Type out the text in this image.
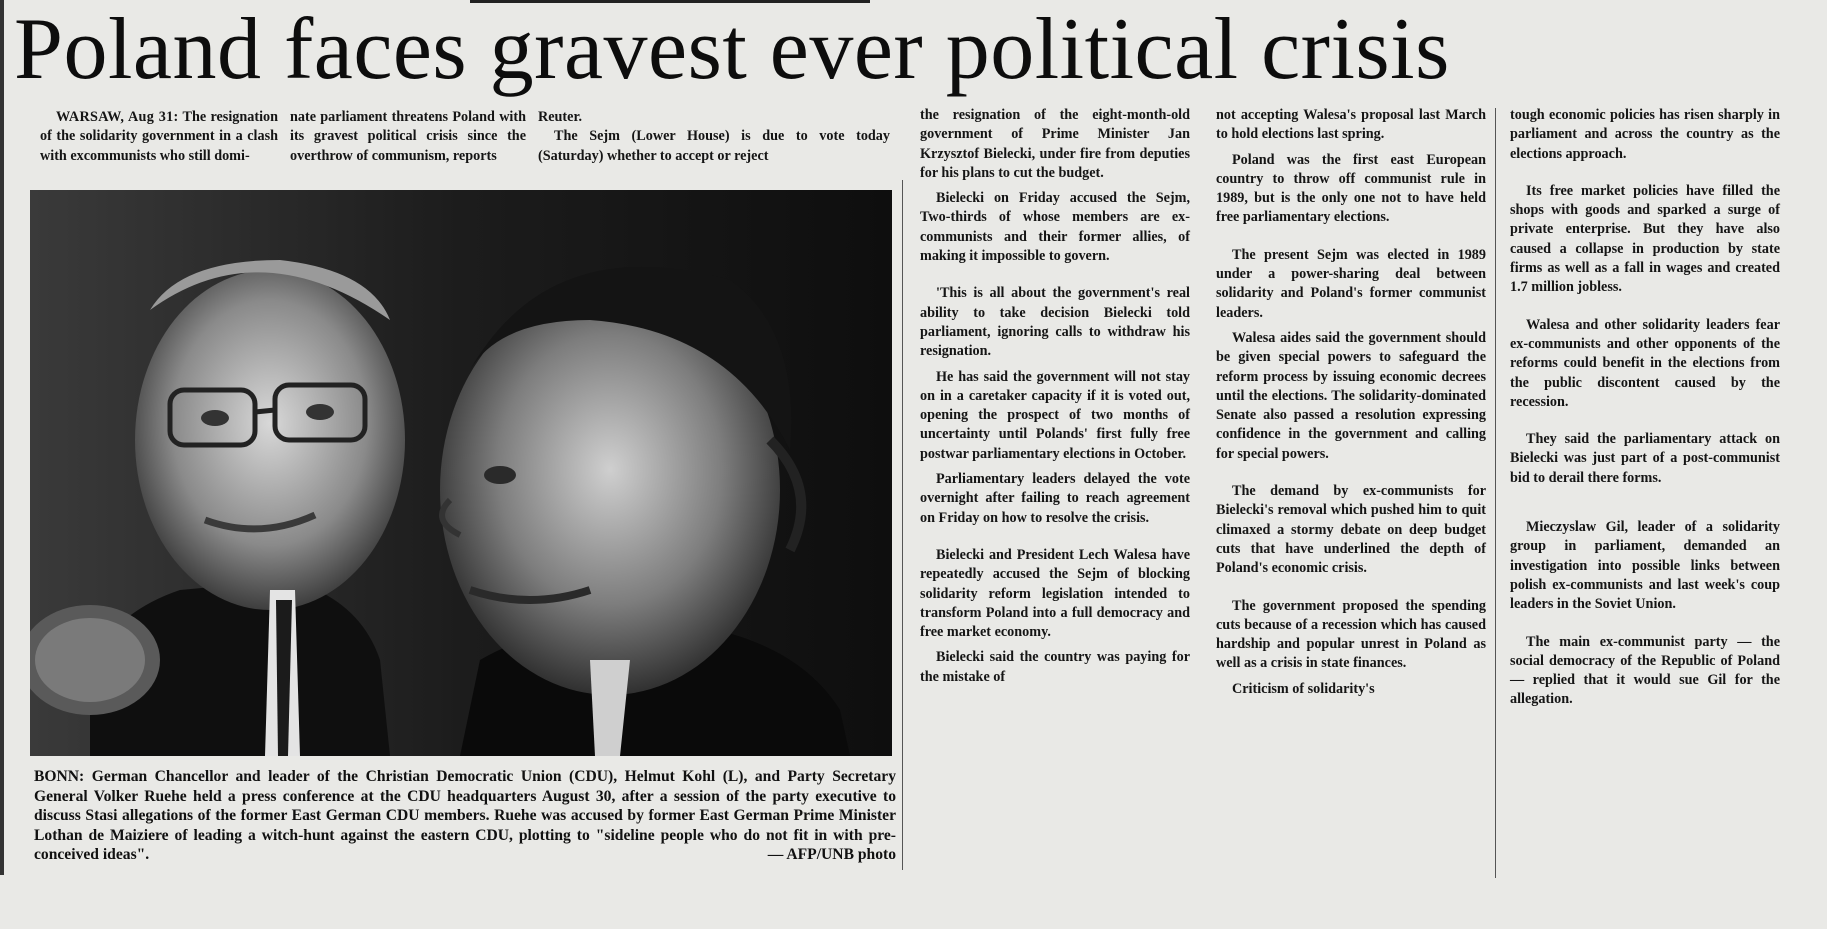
Poland faces gravest ever political crisis

WARSAW, Aug 31: The resignation of the solidarity government in a clash with excommunists who still domi-

nate parliament threatens Poland with its gravest political crisis since the overthrow of communism, reports

Reuter.

The Sejm (Lower House) is due to vote today (Saturday) whether to accept or reject

BONN: German Chancellor and leader of the Christian Democratic Union (CDU), Helmut Kohl (L), and Party Secretary General Volker Ruehe held a press conference at the CDU headquarters August 30, after a session of the party executive to discuss Stasi allegations of the former East German CDU members. Ruehe was accused by former East German Prime Minister Lothan de Maiziere of leading a witch-hunt against the eastern CDU, plotting to "sideline people who do not fit in with pre-conceived ideas".	— AFP/UNB photo

the resignation of the eight-month-old government of Prime Minister Jan Krzysztof Bielecki, under fire from deputies for his plans to cut the budget.

Bielecki on Friday accused the Sejm, Two-thirds of whose members are ex-communists and their former allies, of making it impossible to govern.

'This is all about the government's real ability to take decision Bielecki told parliament, ignoring calls to withdraw his resignation.

He has said the government will not stay on in a caretaker capacity if it is voted out, opening the prospect of two months of uncertainty until Polands' first fully free postwar parliamentary elections in October.

Parliamentary leaders delayed the vote overnight after failing to reach agreement on Friday on how to resolve the crisis.

Bielecki and President Lech Walesa have repeatedly accused the Sejm of blocking solidarity reform legislation intended to transform Poland into a full democracy and free market economy.

Bielecki said the country was paying for the mistake of

not accepting Walesa's proposal last March to hold elections last spring.

Poland was the first east European country to throw off communist rule in 1989, but is the only one not to have held free parliamentary elections.

The present Sejm was elected in 1989 under a power-sharing deal between solidarity and Poland's former communist leaders.

Walesa aides said the government should be given special powers to safeguard the reform process by issuing economic decrees until the elections. The solidarity-dominated Senate also passed a resolution expressing confidence in the government and calling for special powers.

The demand by ex-communists for Bielecki's removal which pushed him to quit climaxed a stormy debate on deep budget cuts that have underlined the depth of Poland's economic crisis.

The government proposed the spending cuts because of a recession which has caused hardship and popular unrest in Poland as well as a crisis in state finances.

Criticism of solidarity's

tough economic policies has risen sharply in parliament and across the country as the elections approach.

Its free market policies have filled the shops with goods and sparked a surge of private enterprise. But they have also caused a collapse in production by state firms as well as a fall in wages and created 1.7 million jobless.

Walesa and other solidarity leaders fear ex-communists and other opponents of the reforms could benefit in the elections from the public discontent caused by the recession.

They said the parliamentary attack on Bielecki was just part of a post-communist bid to derail there forms.

Mieczyslaw Gil, leader of a solidarity group in parliament, demanded an investigation into possible links between polish ex-communists and last week's coup leaders in the Soviet Union.

The main ex-communist party — the social democracy of the Republic of Poland — replied that it would sue Gil for the allegation.
